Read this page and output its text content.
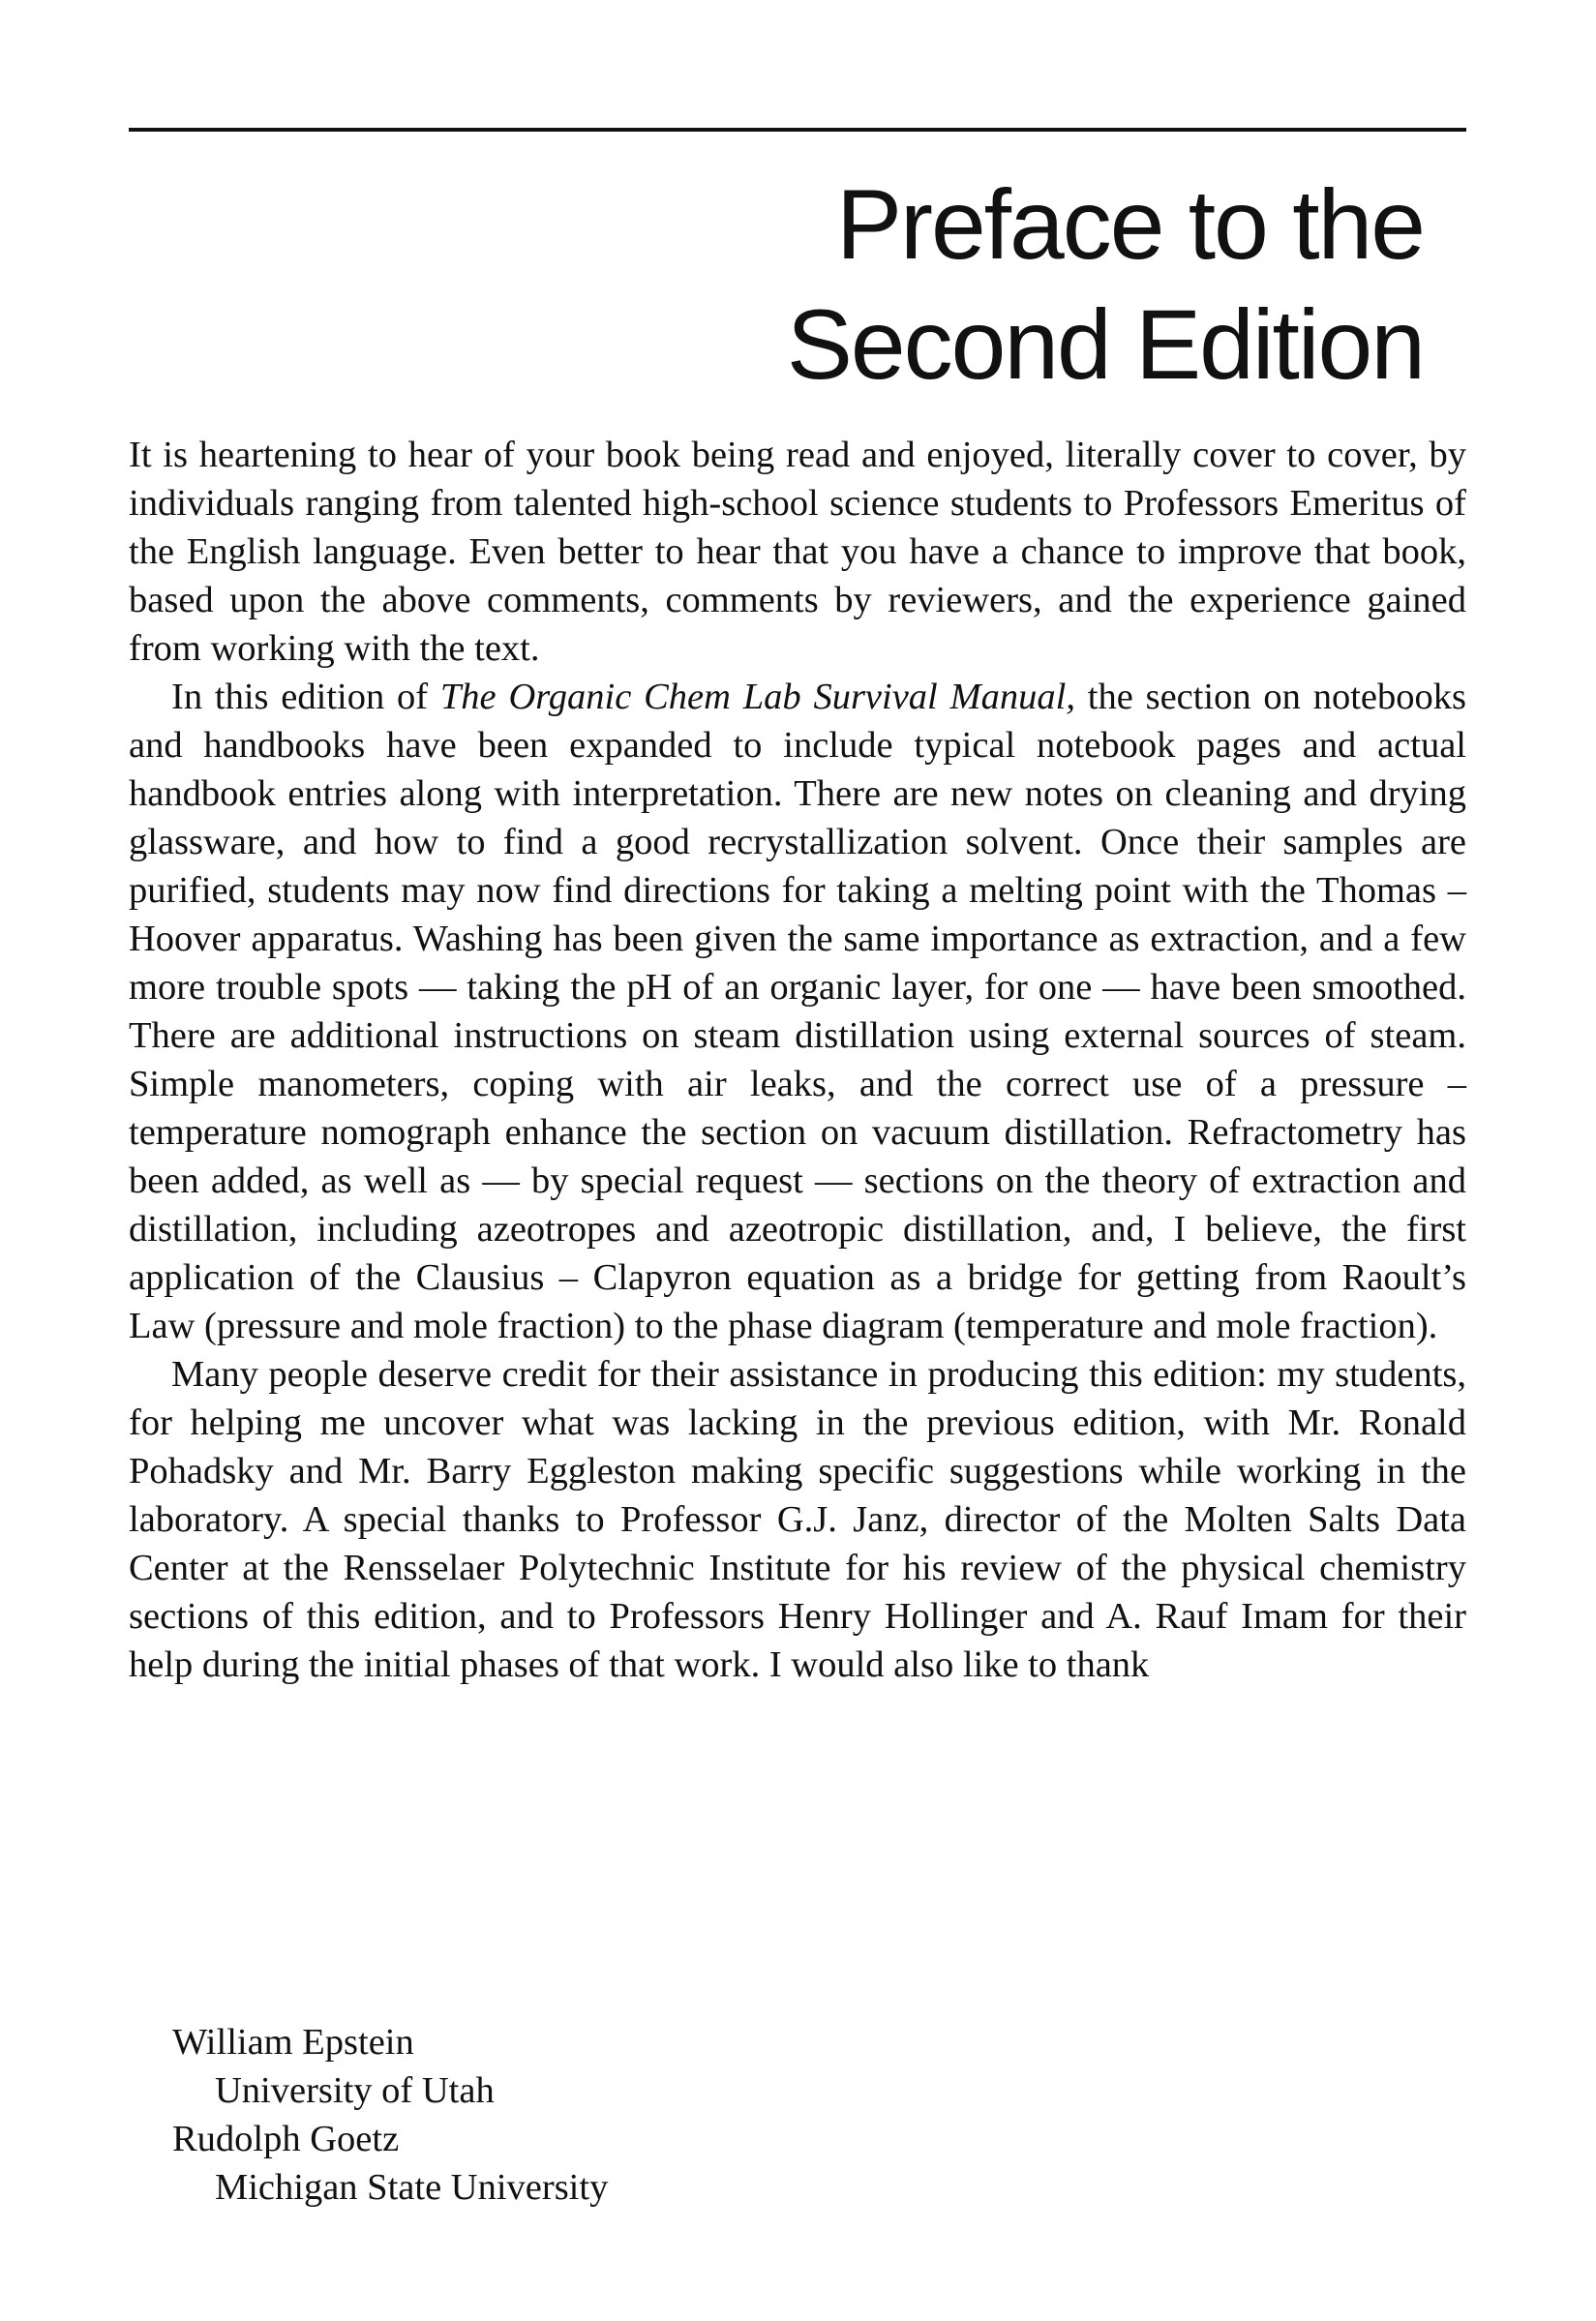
Preface to the
Second Edition

It is heartening to hear of your book being read and enjoyed, literally cover to cover, by individuals ranging from talented high-school science students to Professors Emeritus of the English language. Even better to hear that you have a chance to improve that book, based upon the above comments, comments by reviewers, and the experience gained from working with the text.

In this edition of The Organic Chem Lab Survival Manual, the section on notebooks and handbooks have been expanded to include typical notebook pages and actual handbook entries along with interpretation. There are new notes on cleaning and drying glassware, and how to find a good recrystallization solvent. Once their samples are purified, students may now find directions for taking a melting point with the Thomas – Hoover apparatus. Washing has been given the same importance as extraction, and a few more trouble spots — taking the pH of an organic layer, for one — have been smoothed. There are additional instructions on steam distillation using external sources of steam. Simple manometers, coping with air leaks, and the correct use of a pressure – temperature nomograph enhance the section on vacuum distillation. Refractometry has been added, as well as — by special request — sections on the theory of extraction and distillation, including azeotropes and azeotropic distillation, and, I believe, the first application of the Clausius – Clapyron equation as a bridge for getting from Raoult’s Law (pressure and mole fraction) to the phase diagram (temperature and mole fraction).

Many people deserve credit for their assistance in producing this edition: my students, for helping me uncover what was lacking in the previous edition, with Mr. Ronald Pohadsky and Mr. Barry Eggleston making specific suggestions while working in the laboratory. A special thanks to Professor G.J. Janz, director of the Molten Salts Data Center at the Rensselaer Polytechnic Institute for his review of the physical chemistry sections of this edition, and to Professors Henry Hollinger and A. Rauf Imam for their help during the initial phases of that work. I would also like to thank

William Epstein
University of Utah
Rudolph Goetz
Michigan State University
